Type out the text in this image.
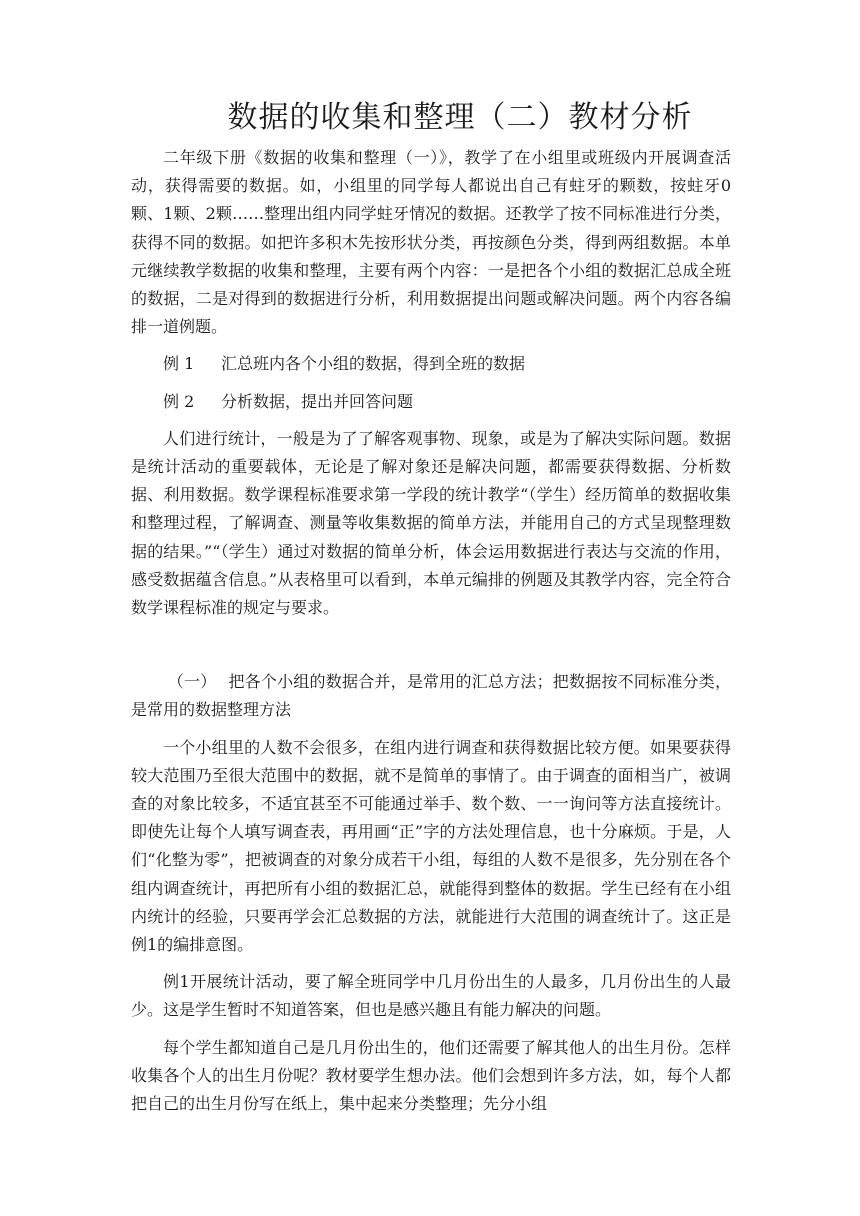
数据的收集和整理（二）教材分析

二年级下册《数据的收集和整理（一）》，教学了在小组里或班级内开展调查活动，获得需要的数据。如，小组里的同学每人都说出自己有蛀牙的颗数，按蛀牙0颗、1颗、2颗……整理出组内同学蛀牙情况的数据。还教学了按不同标准进行分类，获得不同的数据。如把许多积木先按形状分类，再按颜色分类，得到两组数据。本单元继续教学数据的收集和整理，主要有两个内容：一是把各个小组的数据汇总成全班的数据，二是对得到的数据进行分析，利用数据提出问题或解决问题。两个内容各编排一道例题。

例 1 汇总班内各个小组的数据，得到全班的数据

例 2 分析数据，提出并回答问题

人们进行统计，一般是为了了解客观事物、现象，或是为了解决实际问题。数据是统计活动的重要载体，无论是了解对象还是解决问题，都需要获得数据、分析数据、利用数据。数学课程标准要求第一学段的统计教学“（学生）经历简单的数据收集和整理过程，了解调查、测量等收集数据的简单方法，并能用自己的方式呈现整理数据的结果。”“（学生）通过对数据的简单分析，体会运用数据进行表达与交流的作用，感受数据蕴含信息。”从表格里可以看到，本单元编排的例题及其教学内容，完全符合数学课程标准的规定与要求。

（一） 把各个小组的数据合并，是常用的汇总方法；把数据按不同标准分类，是常用的数据整理方法

一个小组里的人数不会很多，在组内进行调查和获得数据比较方便。如果要获得较大范围乃至很大范围中的数据，就不是简单的事情了。由于调查的面相当广，被调查的对象比较多，不适宜甚至不可能通过举手、数个数、一一询问等方法直接统计。即使先让每个人填写调查表，再用画“正”字的方法处理信息，也十分麻烦。于是，人们“化整为零”，把被调查的对象分成若干小组，每组的人数不是很多，先分别在各个组内调查统计，再把所有小组的数据汇总，就能得到整体的数据。学生已经有在小组内统计的经验，只要再学会汇总数据的方法，就能进行大范围的调查统计了。这正是例1的编排意图。

例1开展统计活动，要了解全班同学中几月份出生的人最多，几月份出生的人最少。这是学生暂时不知道答案，但也是感兴趣且有能力解决的问题。

每个学生都知道自己是几月份出生的，他们还需要了解其他人的出生月份。怎样收集各个人的出生月份呢？教材要学生想办法。他们会想到许多方法，如，每个人都把自己的出生月份写在纸上，集中起来分类整理；先分小组
